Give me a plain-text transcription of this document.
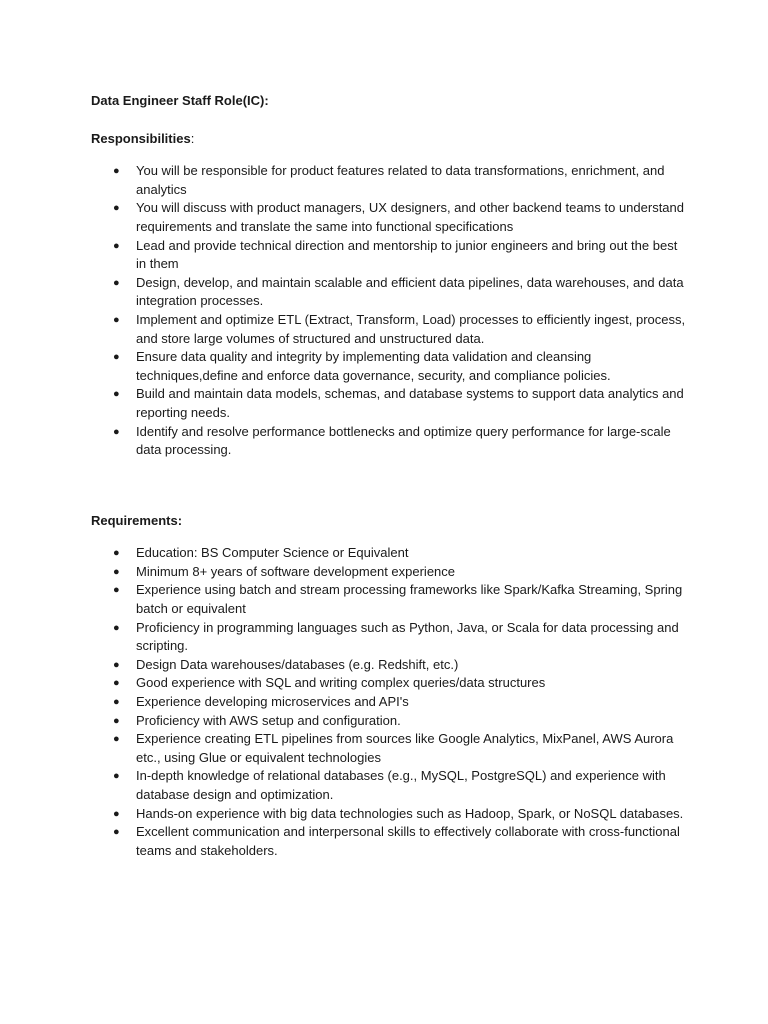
Data Engineer Staff Role(IC):
Responsibilities:
● You will be responsible for product features related to data transformations, enrichment, and analytics
● You will discuss with product managers, UX designers, and other backend teams to understand requirements and translate the same into functional specifications
● Lead and provide technical direction and mentorship to junior engineers and bring out the best in them
● Design, develop, and maintain scalable and efficient data pipelines, data warehouses, and data integration processes.
● Implement and optimize ETL (Extract, Transform, Load) processes to efficiently ingest, process, and store large volumes of structured and unstructured data.
● Ensure data quality and integrity by implementing data validation and cleansing techniques,define and enforce data governance, security, and compliance policies.
● Build and maintain data models, schemas, and database systems to support data analytics and reporting needs.
● Identify and resolve performance bottlenecks and optimize query performance for large-scale data processing.
Requirements:
● Education: BS Computer Science or Equivalent
● Minimum 8+ years of software development experience
● Experience using batch and stream processing frameworks like Spark/Kafka Streaming, Spring batch or equivalent
● Proficiency in programming languages such as Python, Java, or Scala for data processing and scripting.
● Design Data warehouses/databases (e.g. Redshift, etc.)
● Good experience with SQL and writing complex queries/data structures
● Experience developing microservices and API's
● Proficiency with AWS setup and configuration.
● Experience creating ETL pipelines from sources like Google Analytics, MixPanel, AWS Aurora etc., using Glue or equivalent technologies
● In-depth knowledge of relational databases (e.g., MySQL, PostgreSQL) and experience with database design and optimization.
● Hands-on experience with big data technologies such as Hadoop, Spark, or NoSQL databases.
● Excellent communication and interpersonal skills to effectively collaborate with cross-functional teams and stakeholders.
